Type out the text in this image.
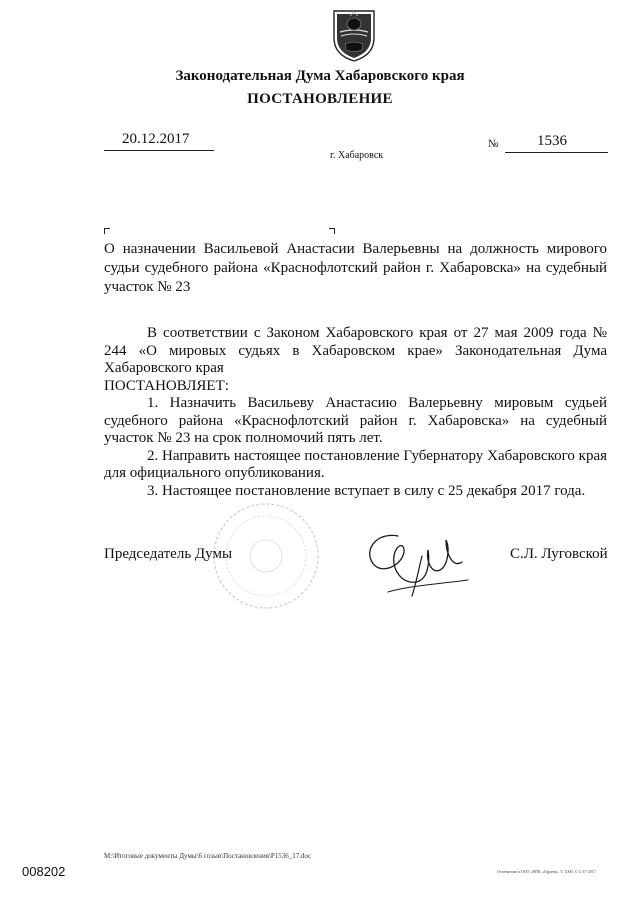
Законодательная Дума Хабаровского края
ПОСТАНОВЛЕНИЕ
20.12.2017
г. Хабаровск
№	1536
О назначении Васильевой Анастасии Валерьевны на должность мирового судьи судебного района «Краснофлотский район г. Хабаровска» на судебный участок № 23

В соответствии с Законом Хабаровского края от 27 мая 2009 года № 244 «О мировых судьях в Хабаровском крае» Законодательная Дума Хабаровского края

ПОСТАНОВЛЯЕТ:

1. Назначить Васильеву Анастасию Валерьевну мировым судьей судебного района «Краснофлотский район г. Хабаровска» на судебный участок № 23 на срок полномочий пять лет.

2. Направить настоящее постановление Губернатору Хабаровского края для официального опубликования.

3. Настоящее постановление вступает в силу с 25 декабря 2017 года.

Председатель Думы	С.Л. Луговской
М:\Итоговые документы Думы\6 созыв\Постановления\Р1536_17.doc
Отпечатано в ООО «НПК «Ордена». Т. 1000. З. С-47-2017.
008202
